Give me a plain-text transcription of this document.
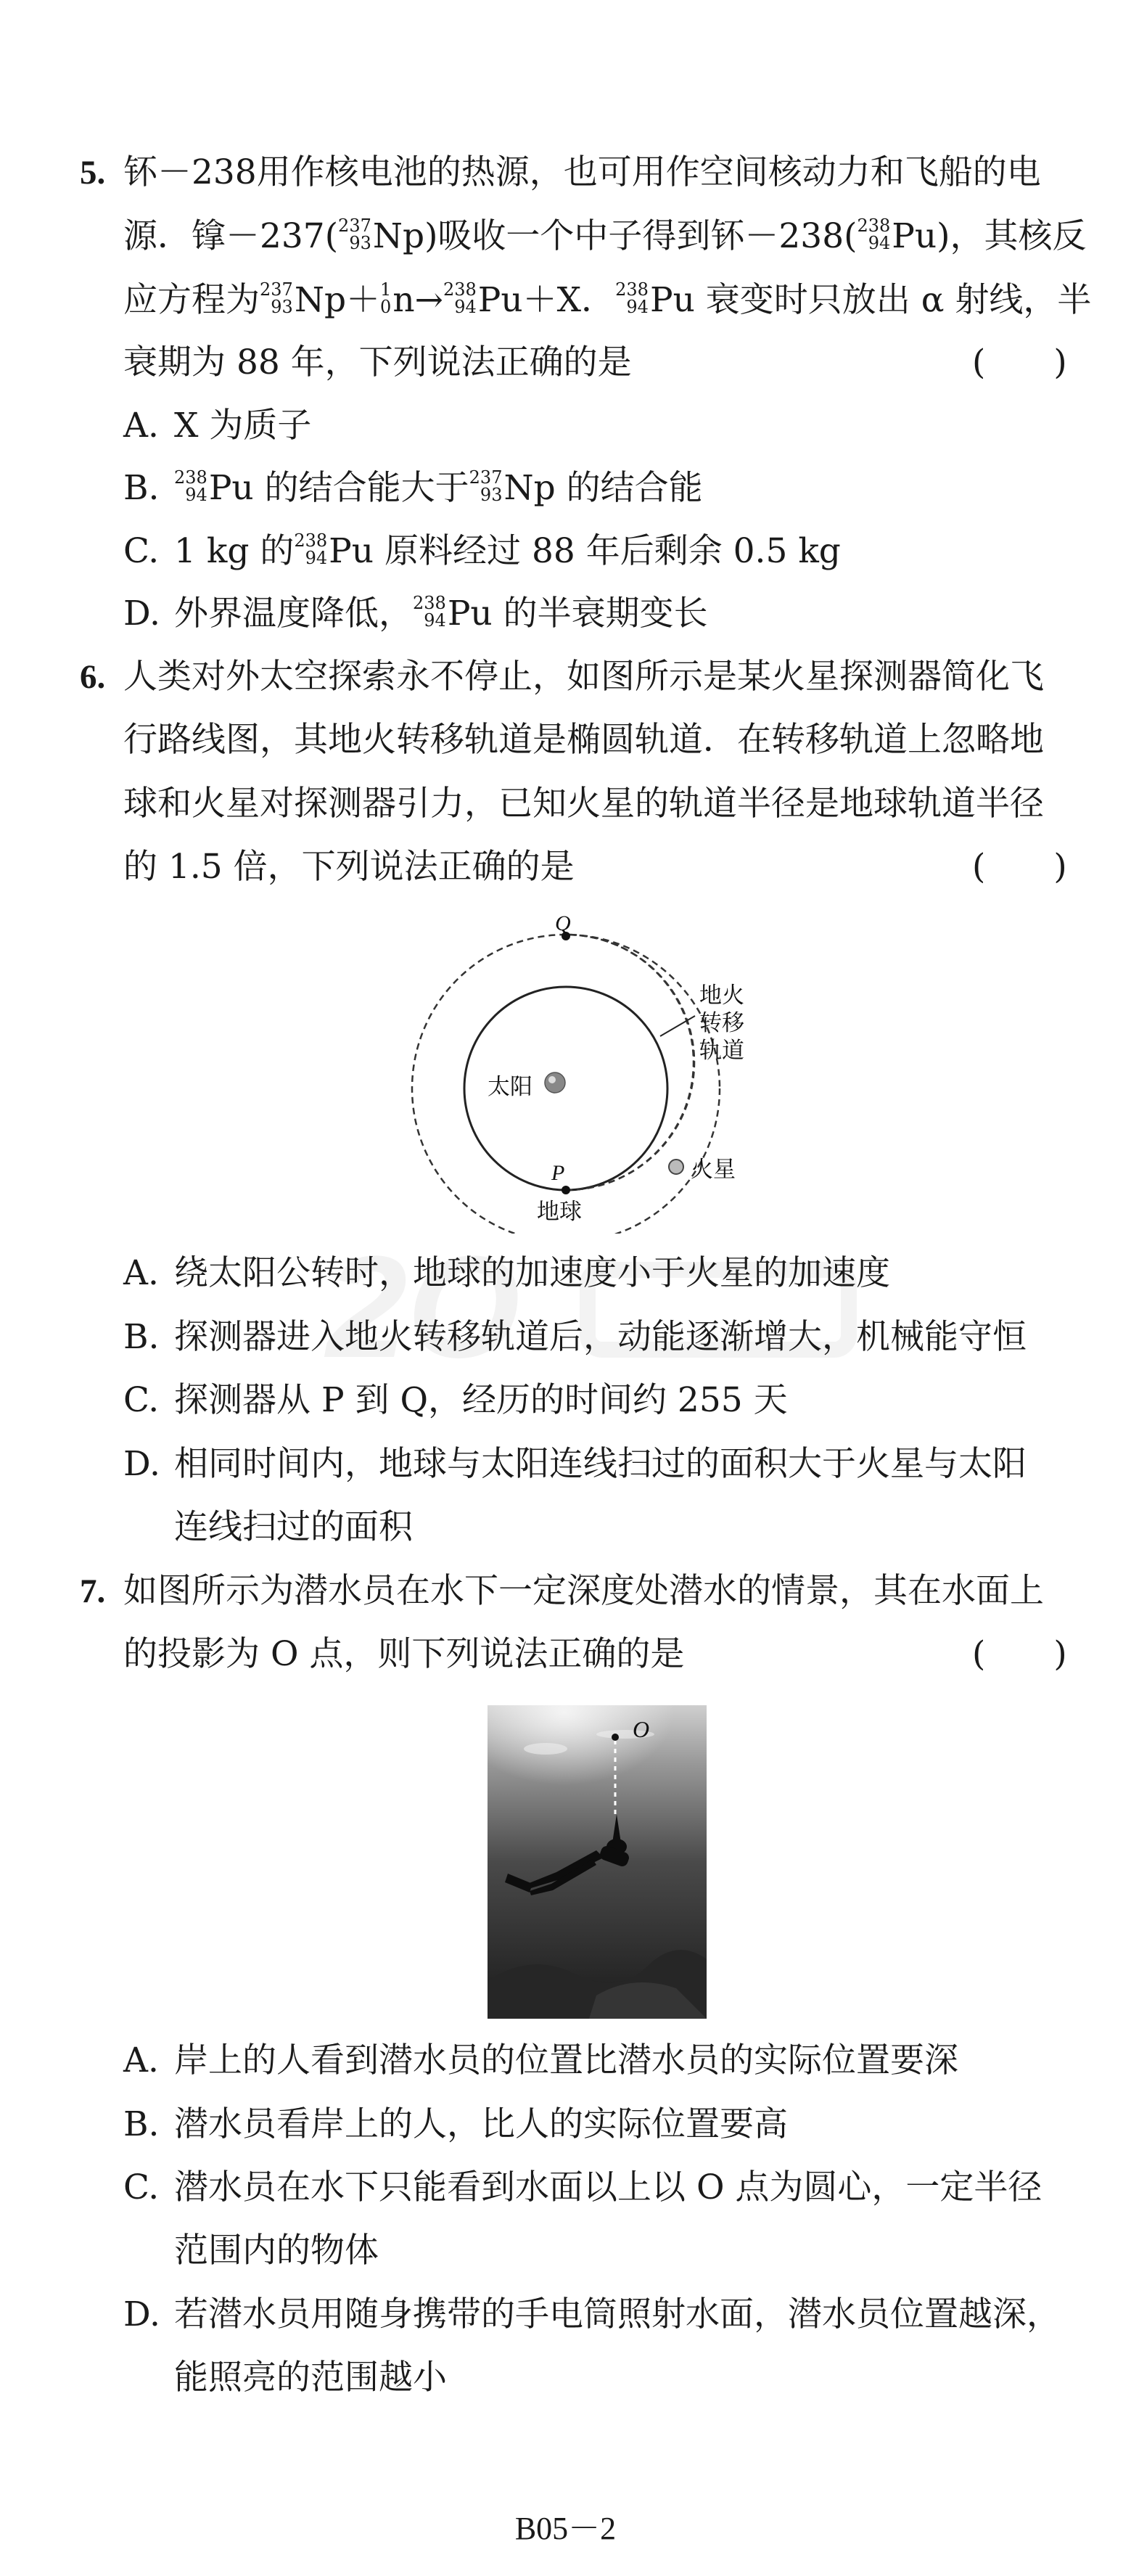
2O
5. 钚－238用作核电池的热源，也可用作空间核动力和飞船的电
源．镎－237( 237
93 Np)吸收一个中子得到钚－238( 238
94 Pu)，其核反
应方程为 237
93 Np＋ 1
0 n→ 238
94 Pu＋X． 238
94 Pu 衰变时只放出 α 射线，半
衰期为 88 年，下列说法正确的是	(　　)
A. X 为质子
B. 238
94 Pu 的结合能大于 237
93 Np 的结合能
C. 1 kg 的 238
94 Pu 原料经过 88 年后剩余 0.5 kg
D. 外界温度降低， 238
94 Pu 的半衰期变长
6. 人类对外太空探索永不停止，如图所示是某火星探测器简化飞
行路线图，其地火转移轨道是椭圆轨道．在转移轨道上忽略地
球和火星对探测器引力，已知火星的轨道半径是地球轨道半径
的 1.5 倍，下列说法正确的是	(　　)
Q
P
太阳
地球
火星
地火
转移
轨道
A. 绕太阳公转时，地球的加速度小于火星的加速度
B. 探测器进入地火转移轨道后，动能逐渐增大，机械能守恒
C. 探测器从 P 到 Q，经历的时间约 255 天
D. 相同时间内，地球与太阳连线扫过的面积大于火星与太阳
连线扫过的面积
7. 如图所示为潜水员在水下一定深度处潜水的情景，其在水面上
的投影为 O 点，则下列说法正确的是	(　　)
O
A. 岸上的人看到潜水员的位置比潜水员的实际位置要深
B. 潜水员看岸上的人，比人的实际位置要高
C. 潜水员在水下只能看到水面以上以 O 点为圆心，一定半径
范围内的物体
D. 若潜水员用随身携带的手电筒照射水面，潜水员位置越深，
能照亮的范围越小
B05－2
